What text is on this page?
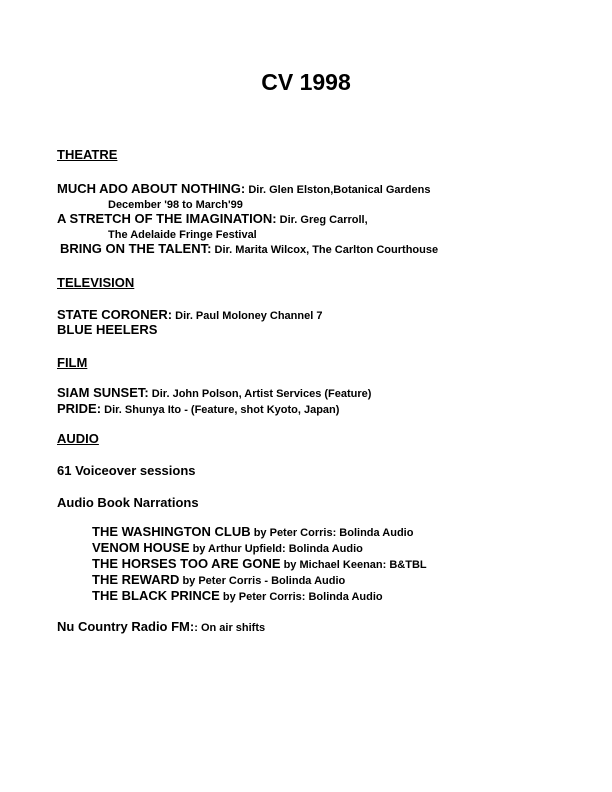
CV 1998
THEATRE
MUCH ADO ABOUT NOTHING: Dir. Glen Elston,Botanical Gardens
December '98 to March'99
A STRETCH OF THE IMAGINATION: Dir. Greg Carroll,
The Adelaide Fringe Festival
BRING ON THE TALENT: Dir. Marita Wilcox, The Carlton Courthouse
TELEVISION
STATE CORONER: Dir. Paul Moloney Channel 7
BLUE HEELERS
FILM
SIAM SUNSET: Dir. John Polson, Artist Services (Feature)
PRIDE: Dir. Shunya Ito - (Feature, shot Kyoto, Japan)
AUDIO
61 Voiceover sessions
Audio Book Narrations
THE WASHINGTON CLUB by Peter Corris: Bolinda Audio
VENOM HOUSE by Arthur Upfield: Bolinda Audio
THE HORSES TOO ARE GONE by Michael Keenan: B&TBL
THE REWARD by Peter Corris - Bolinda Audio
THE BLACK PRINCE by Peter Corris: Bolinda Audio
Nu Country Radio FM:: On air shifts
